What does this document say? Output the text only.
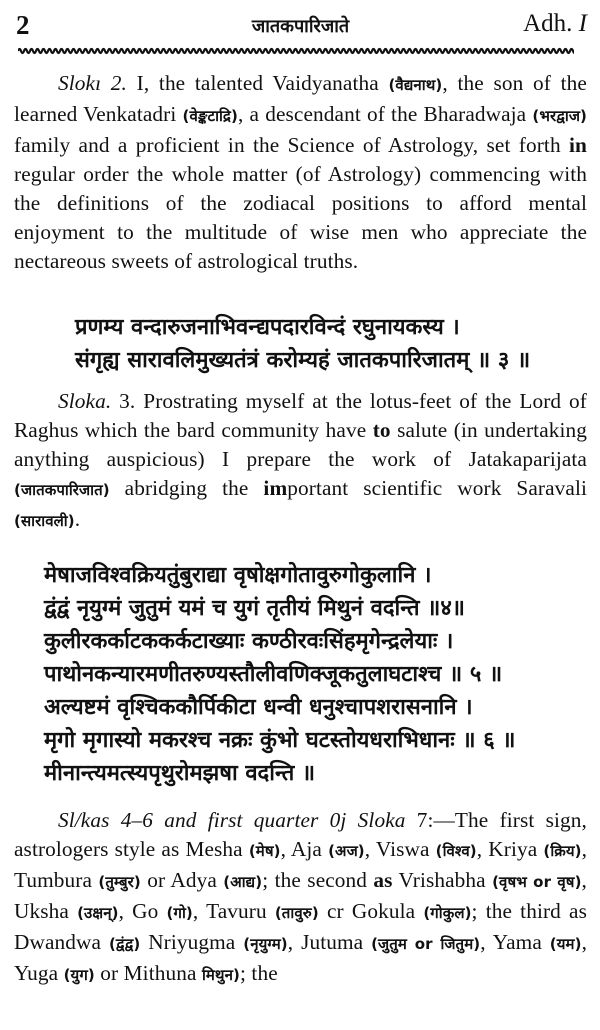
2	जातकपारिजाते	Adh. I
Slokı 2. I, the talented Vaidyanatha (वैद्यनाथ), the son of the learned Venkatadri (वेङ्कटाद्रि), a descendant of the Bharadwaja (भरद्वाज) family and a proficient in the Science of Astrology, set forth in regular order the whole matter (of Astrology) commencing with the definitions of the zodiacal positions to afford mental enjoyment to the multitude of wise men who appreciate the nectareous sweets of astrological truths.
प्रणम्य वन्दारुजनाभिवन्द्यपदारविन्दं रघुनायकस्य ।
संगृह्य सारावलिमुख्यतंत्रं करोम्यहं जातकपारिजातम् ॥ ३ ॥
Sloka. 3. Prostrating myself at the lotus-feet of the Lord of Raghus which the bard community have to salute (in undertaking anything auspicious) I prepare the work of Jatakaparijata (जातकपारिजात) abridging the important scientific work Saravali (सारावली).
मेषाजविश्वक्रियतुंबुराद्या वृषोक्षगोतावुरुगोकुलानि ।
द्वंद्वं नृयुग्मं जुतुमं यमं च युगं तृतीयं मिथुनं वदन्ति ॥४॥
कुलीरकर्काटककर्कटाख्याः कण्ठीरवःसिंहमृगेन्द्रलेयाः ।
पाथोनकन्यारमणीतरुण्यस्तौलीवणिक्जूकतुलाघटाश्च ॥ ५ ॥
अल्यष्टमं वृश्चिककौर्पिकीटा धन्वी धनुश्चापशरासनानि ।
मृगो मृगास्यो मकरश्च नक्रः कुंभो घटस्तोयधराभिधानः ॥ ६ ॥
मीनान्त्यमत्स्यपृथुरोमझषा वदन्ति ॥
Sl/kas 4–6 and first quarter 0j Sloka 7:—The first sign, astrologers style as Mesha (मेष), Aja (अज), Viswa (विश्व), Kriya (क्रिय), Tumbura (तुम्बुर) or Adya (आद्य); the second as Vrishabha (वृषभ or वृष), Uksha (उक्षन्), Go (गो), Tavuru (तावुरु) cr Gokula (गोकुल); the third as Dwandwa (द्वंद्व) Nriyugma (नृयुग्म), Jutuma (जुतुम or जितुम), Yama (यम), Yuga (युग) or Mithuna मिथुन); the
